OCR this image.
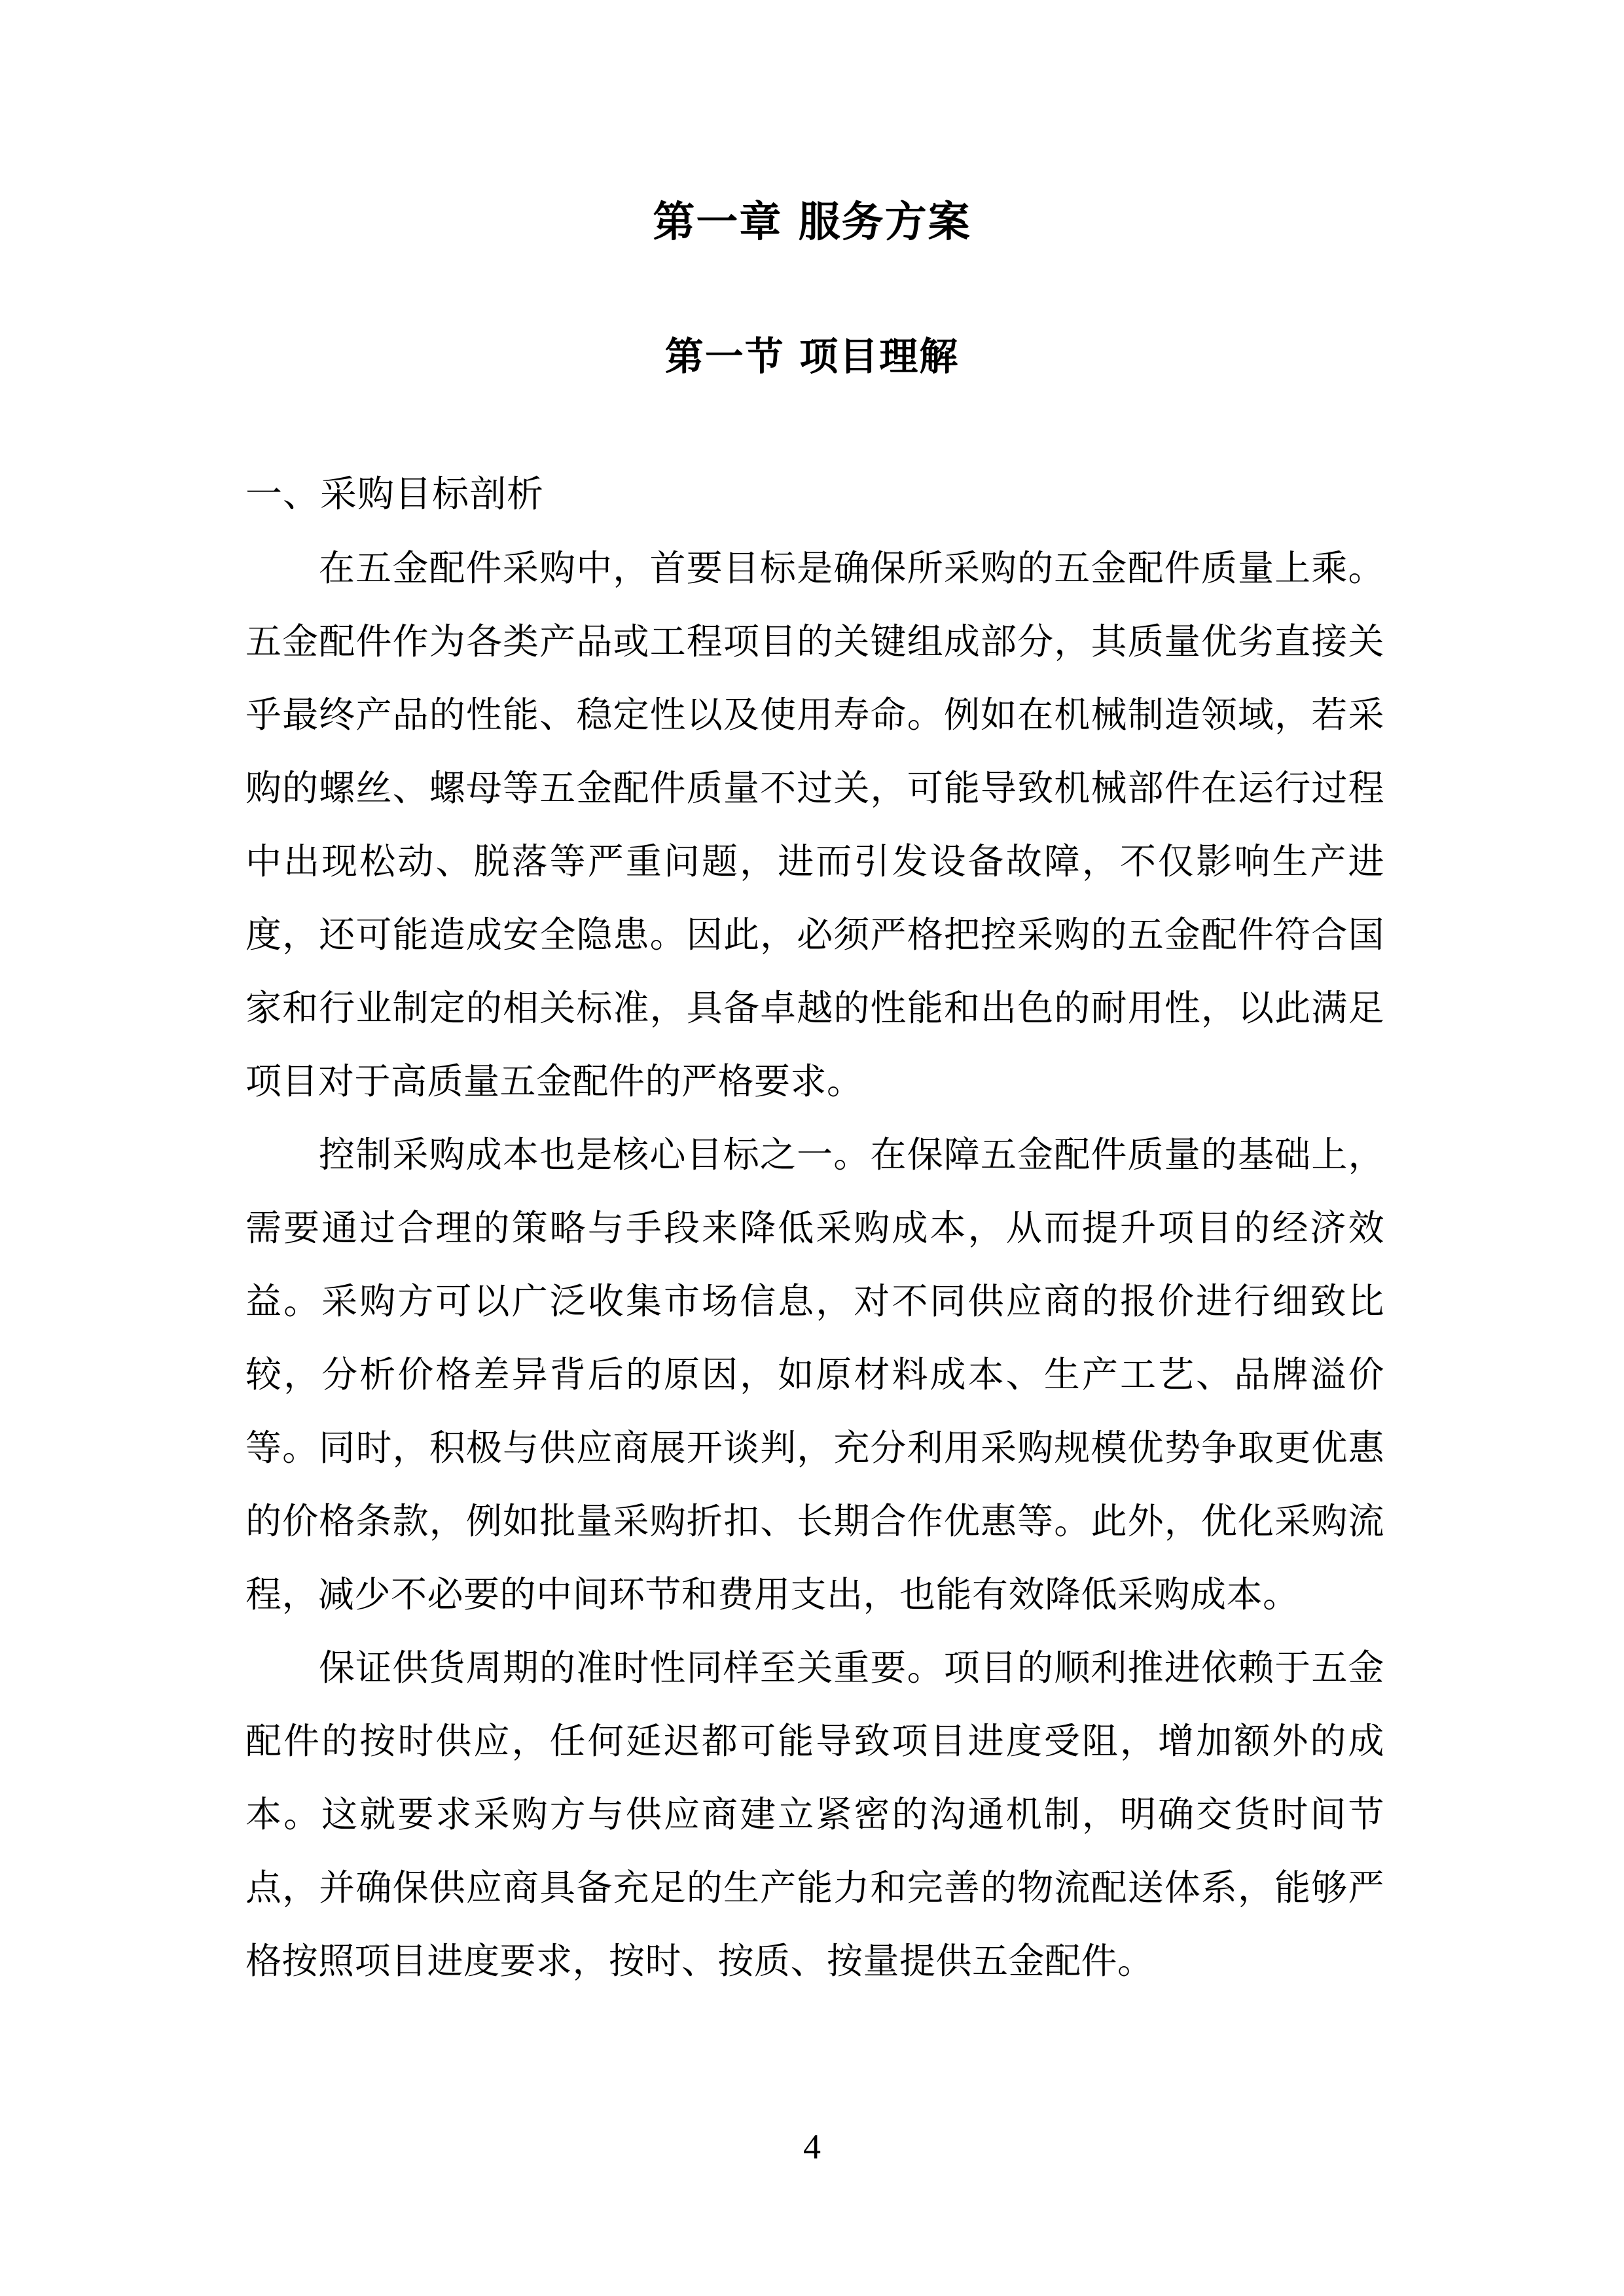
第一章 服务方案
第一节 项目理解

一、采购目标剖析

在五金配件采购中，首要目标是确保所采购的五金配件质量上乘。五金配件作为各类产品或工程项目的关键组成部分，其质量优劣直接关乎最终产品的性能、稳定性以及使用寿命。例如在机械制造领域，若采购的螺丝、螺母等五金配件质量不过关，可能导致机械部件在运行过程中出现松动、脱落等严重问题，进而引发设备故障，不仅影响生产进度，还可能造成安全隐患。因此，必须严格把控采购的五金配件符合国家和行业制定的相关标准，具备卓越的性能和出色的耐用性，以此满足项目对于高质量五金配件的严格要求。

控制采购成本也是核心目标之一。在保障五金配件质量的基础上，需要通过合理的策略与手段来降低采购成本，从而提升项目的经济效益。采购方可以广泛收集市场信息，对不同供应商的报价进行细致比较，分析价格差异背后的原因，如原材料成本、生产工艺、品牌溢价等。同时，积极与供应商展开谈判，充分利用采购规模优势争取更优惠的价格条款，例如批量采购折扣、长期合作优惠等。此外，优化采购流程，减少不必要的中间环节和费用支出，也能有效降低采购成本。

保证供货周期的准时性同样至关重要。项目的顺利推进依赖于五金配件的按时供应，任何延迟都可能导致项目进度受阻，增加额外的成本。这就要求采购方与供应商建立紧密的沟通机制，明确交货时间节点，并确保供应商具备充足的生产能力和完善的物流配送体系，能够严格按照项目进度要求，按时、按质、按量提供五金配件。

4
